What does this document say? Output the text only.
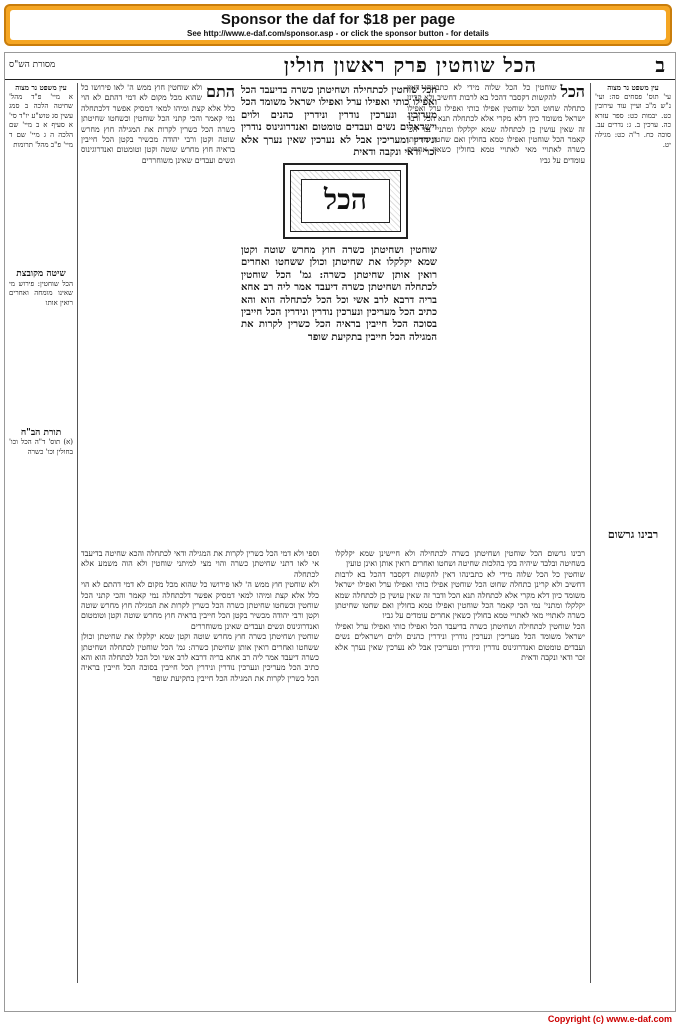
Sponsor the daf for $18 per page
See http://www.e-daf.com/sponsor.asp - or click the sponsor button - for details
ב
הכל שוחטין פרק ראשון חולין
מסורת הש"ס

עין משפט נר מצוה

עי' תוס' פסחים סה: ועי' נ"ש מ"ב ועיין עוד עירובין כט. יבמות כט: ספר עזרא כה. ערכין ב. ג: נדרים עב. סוכה כח. ר"ה כט: מגילה יט.

רבינו גרשום

הכל

שוחטין כל הכל שלוה מידי לא כתבינהו דאין להקשות דקסבר דהכל בא לרבות דחשיב ולא קרינן כתחלה שחוט הכל שוחטין אפילו כותי ואפילו ערל ואפילו ישראל משומד כיון דלא מקרי אלא לכתחלה תנא הכל ודבר זה שאין עושין כן לכתחלה שמא יקלקלו ומתני' נמי הכי קאמר הכל שוחטין ואפילו טמא בחולין ואם שחטו שחיטתן כשרה לאתויי מאי לאתויי טמא בחולין כשאין אחרים עומדים על גביו

הכל

הכל שוחטין לכתחילה ושחיטתן כשרה בדיעבד הכל ואפילו כותי ואפילו ערל ואפילו ישראל משומד הכל מעריכין ונערכין נודרין ונידרין כהנים ולוים וישראלים נשים ועבדים טומטום ואנדרוגינוס נודרין ונידרין ומעריכין אבל לא נערכין שאין נערך אלא זכר ודאי ונקבה ודאית

שוחטין ושחיטתן כשרה חוץ מחרש שוטה וקטן שמא יקלקלו את שחיטתן וכולן ששחטו ואחרים רואין אותן שחיטתן כשרה: גמ' הכל שוחטין לכתחלה ושחיטתן כשרה דיעבד אמר ליה רב אחא בריה דרבא לרב אשי וכל הכל לכתחלה הוא והא כתיב הכל מעריכין ונערכין נודרין ונידרין הכל חייבין בסוכה הכל חייבין בראיה הכל כשרין לקרות את המגילה הכל חייבין בתקיעת שופר

התם

ולא שוחטין חוץ ממש ה' לאו פירושו כל שהוא מכל מקום לא דמי דהתם לא הוי כלל אלא קצת ומיהו למאי דמסיק אפשר דלכתחלה נמי קאמר והכי קתני הכל שוחטין וכשחטו שחיטתן כשרה הכל כשרין לקרות את המגילה חוץ מחרש שוטה וקטן ורבי יהודה מכשיר בקטן הכל חייבין בראיה חוץ מחרש שוטה וקטן וטומטום ואנדרוגינוס ונשים ועבדים שאינן משוחררים

עין משפט נר מצוה

א מיי' פ"ד מהל' שחיטה הלכה ב סמג עשין סג טוש"ע יו"ד סי' א סעיף א ב מיי' שם הלכה ה ג מיי' שם ד מיי' פ"ב מהל' תרומות

שיטה מקובצת

הכל שוחטין: פירוש מי שאינו מומחה ואחרים רואין אותו

תורת הב"ח

(א) תוס' ד"ה הכל וכו' בחולין וכו' כשרה

רבינו גרשום הכל שוחטין ושחיטתן כשרה לכתחילה ולא חיישינן שמא יקלקלו בשחיטה ובלבד שיהיה בקי בהלכות שחיטה ושחטו ואחרים רואין אותן ואינן טועין

שוחטין כל הכל שלוה מידי לא כתבינהו דאין להקשות דקסבר דהכל בא לרבות דחשיב ולא קרינן כתחלה שחוט הכל שוחטין אפילו כותי ואפילו ערל ואפילו ישראל משומד כיון דלא מקרי אלא לכתחלה תנא הכל ודבר זה שאין עושין כן לכתחלה שמא יקלקלו ומתני' נמי הכי קאמר הכל שוחטין ואפילו טמא בחולין ואם שחטו שחיטתן כשרה לאתויי מאי לאתויי טמא בחולין כשאין אחרים עומדים על גביו

הכל שוחטין לכתחילה ושחיטתן כשרה בדיעבד הכל ואפילו כותי ואפילו ערל ואפילו ישראל משומד הכל מעריכין ונערכין נודרין ונידרין כהנים ולוים וישראלים נשים ועבדים טומטום ואנדרוגינוס נודרין ונידרין ומעריכין אבל לא נערכין שאין נערך אלא זכר ודאי ונקבה ודאית

וספי ולא דמי הכל כשרין לקרות את המגילה ודאי לכתחלה והכא שחיטה בדיעבד אי לאו דתני שחיטתן כשרה והוי מצי למיתני שוחטין ולא הוה משמע אלא לכתחלה

ולא שוחטין חוץ ממש ה' לאו פירושו כל שהוא מכל מקום לא דמי דהתם לא הוי כלל אלא קצת ומיהו למאי דמסיק אפשר דלכתחלה נמי קאמר והכי קתני הכל שוחטין וכשחטו שחיטתן כשרה הכל כשרין לקרות את המגילה חוץ מחרש שוטה וקטן ורבי יהודה מכשיר בקטן הכל חייבין בראיה חוץ מחרש שוטה וקטן וטומטום ואנדרוגינוס ונשים ועבדים שאינן משוחררים

שוחטין ושחיטתן כשרה חוץ מחרש שוטה וקטן שמא יקלקלו את שחיטתן וכולן ששחטו ואחרים רואין אותן שחיטתן כשרה: גמ' הכל שוחטין לכתחלה ושחיטתן כשרה דיעבד אמר ליה רב אחא בריה דרבא לרב אשי וכל הכל לכתחלה הוא והא כתיב הכל מעריכין ונערכין נודרין ונידרין הכל חייבין בסוכה הכל חייבין בראיה הכל כשרין לקרות את המגילה הכל חייבין בתקיעת שופר

Copyright (c) www.e-daf.com
